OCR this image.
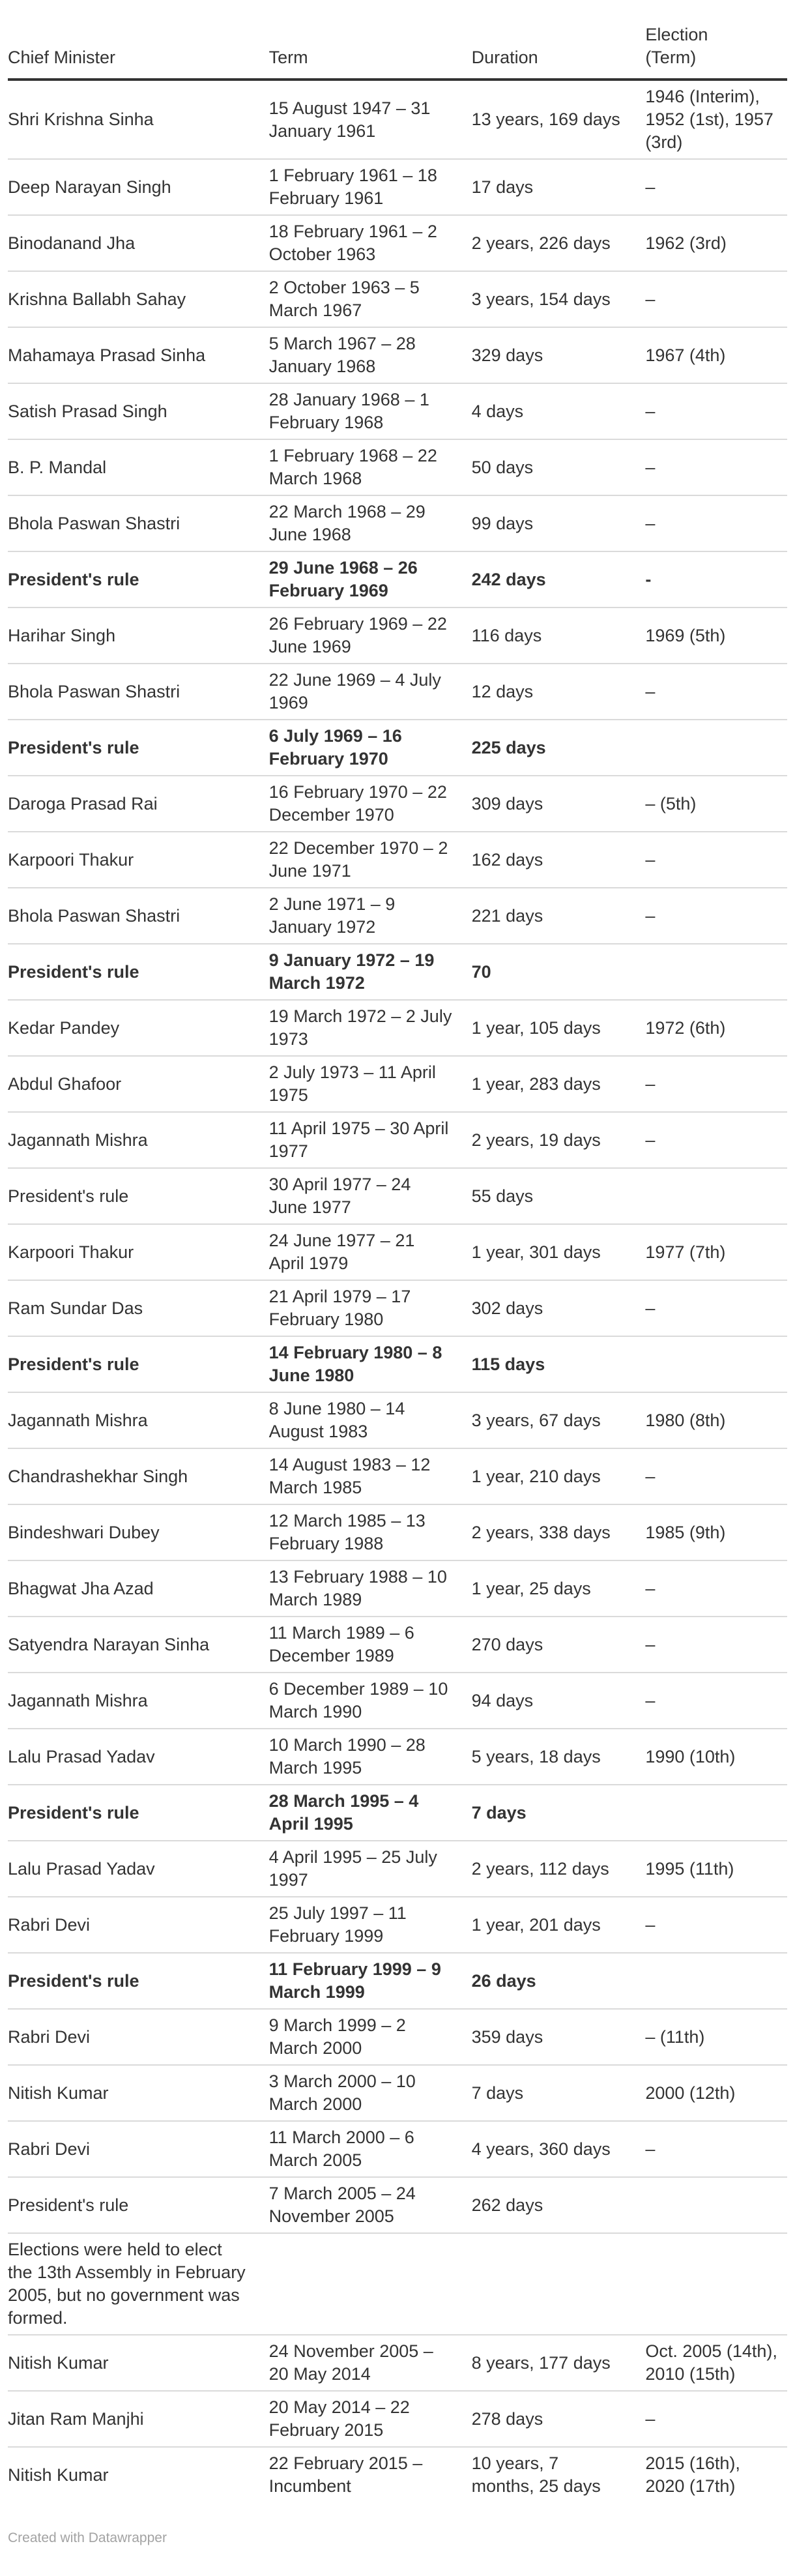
Chief Minister	Term	Duration	Election (Term)
Shri Krishna Sinha	15 August 1947 – 31 January 1961	13 years, 169 days	1946 (Interim), 1952 (1st), 1957 (3rd)
Deep Narayan Singh	1 February 1961 – 18 February 1961	17 days	–
Binodanand Jha	18 February 1961 – 2 October 1963	2 years, 226 days	1962 (3rd)
Krishna Ballabh Sahay	2 October 1963 – 5 March 1967	3 years, 154 days	–
Mahamaya Prasad Sinha	5 March 1967 – 28 January 1968	329 days	1967 (4th)
Satish Prasad Singh	28 January 1968 – 1 February 1968	4 days	–
B. P. Mandal	1 February 1968 – 22 March 1968	50 days	–
Bhola Paswan Shastri	22 March 1968 – 29 June 1968	99 days	–
President's rule	29 June 1968 – 26 February 1969	242 days	-
Harihar Singh	26 February 1969 – 22 June 1969	116 days	1969 (5th)
Bhola Paswan Shastri	22 June 1969 – 4 July 1969	12 days	–
President's rule	6 July 1969 – 16 February 1970	225 days	
Daroga Prasad Rai	16 February 1970 – 22 December 1970	309 days	– (5th)
Karpoori Thakur	22 December 1970 – 2 June 1971	162 days	–
Bhola Paswan Shastri	2 June 1971 – 9 January 1972	221 days	–
President's rule	9 January 1972 – 19 March 1972	70	
Kedar Pandey	19 March 1972 – 2 July 1973	1 year, 105 days	1972 (6th)
Abdul Ghafoor	2 July 1973 – 11 April 1975	1 year, 283 days	–
Jagannath Mishra	11 April 1975 – 30 April 1977	2 years, 19 days	–
President's rule	30 April 1977 – 24 June 1977	55 days	
Karpoori Thakur	24 June 1977 – 21 April 1979	1 year, 301 days	1977 (7th)
Ram Sundar Das	21 April 1979 – 17 February 1980	302 days	–
President's rule	14 February 1980 – 8 June 1980	115 days	
Jagannath Mishra	8 June 1980 – 14 August 1983	3 years, 67 days	1980 (8th)
Chandrashekhar Singh	14 August 1983 – 12 March 1985	1 year, 210 days	–
Bindeshwari Dubey	12 March 1985 – 13 February 1988	2 years, 338 days	1985 (9th)
Bhagwat Jha Azad	13 February 1988 – 10 March 1989	1 year, 25 days	–
Satyendra Narayan Sinha	11 March 1989 – 6 December 1989	270 days	–
Jagannath Mishra	6 December 1989 – 10 March 1990	94 days	–
Lalu Prasad Yadav	10 March 1990 – 28 March 1995	5 years, 18 days	1990 (10th)
President's rule	28 March 1995 – 4 April 1995	7 days	
Lalu Prasad Yadav	4 April 1995 – 25 July 1997	2 years, 112 days	1995 (11th)
Rabri Devi	25 July 1997 – 11 February 1999	1 year, 201 days	–
President's rule	11 February 1999 – 9 March 1999	26 days	
Rabri Devi	9 March 1999 – 2 March 2000	359 days	– (11th)
Nitish Kumar	3 March 2000 – 10 March 2000	7 days	2000 (12th)
Rabri Devi	11 March 2000 – 6 March 2005	4 years, 360 days	–
President's rule	7 March 2005 – 24 November 2005	262 days	
Elections were held to elect the 13th Assembly in February 2005, but no government was formed.			
Nitish Kumar	24 November 2005 – 20 May 2014	8 years, 177 days	Oct. 2005 (14th), 2010 (15th)
Jitan Ram Manjhi	20 May 2014 – 22 February 2015	278 days	–
Nitish Kumar	22 February 2015 – Incumbent	10 years, 7 months, 25 days	2015 (16th), 2020 (17th)
Created with Datawrapper
